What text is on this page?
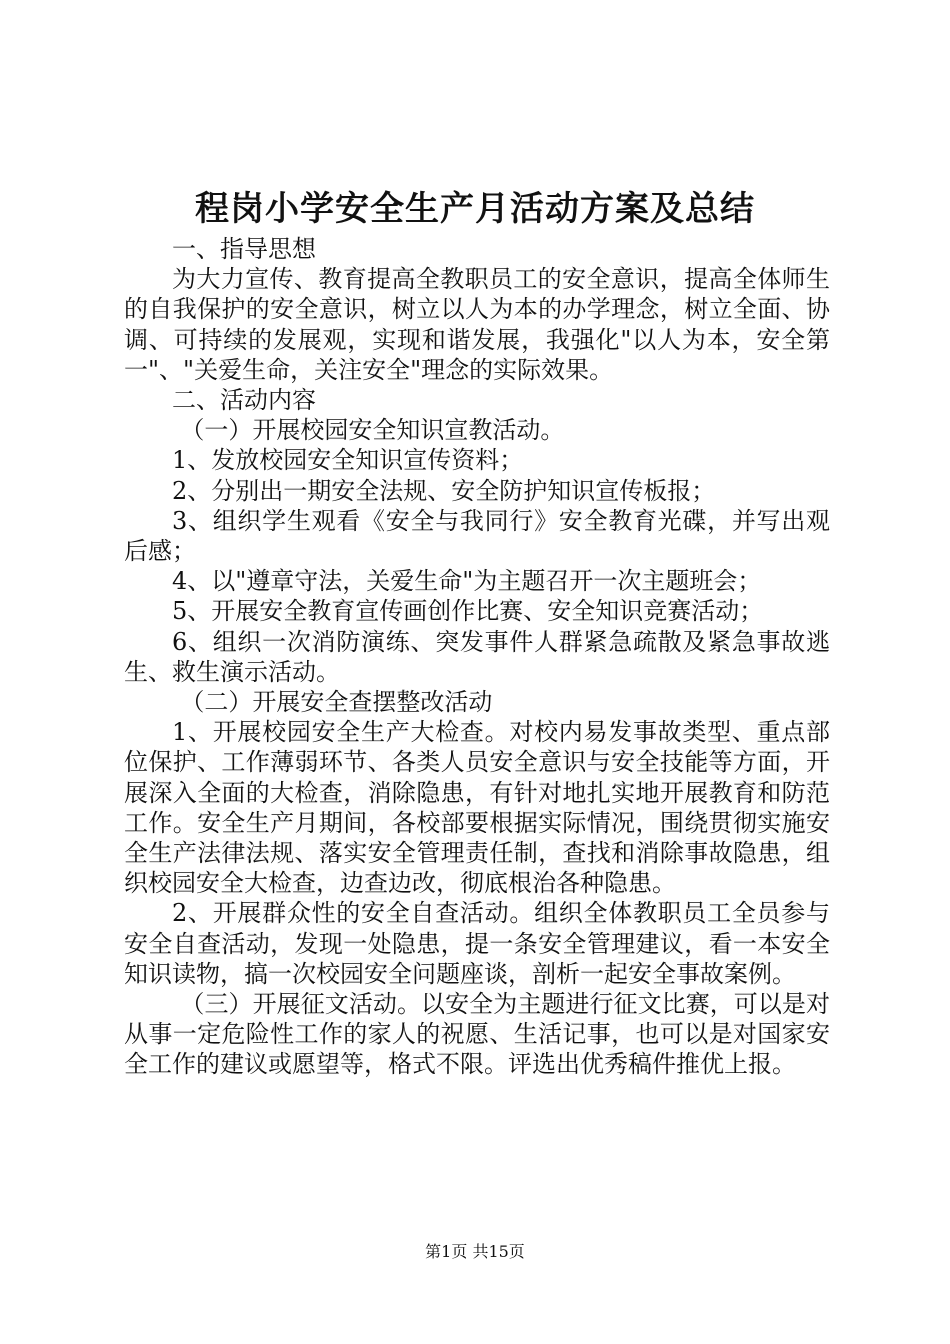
程岗小学安全生产月活动方案及总结

一、指导思想

为大力宣传、教育提高全教职员工的安全意识，提高全体师生的自我保护的安全意识，树立以人为本的办学理念，树立全面、协调、可持续的发展观，实现和谐发展，我强化"以人为本，安全第一"、"关爱生命，关注安全"理念的实际效果。

二、活动内容

（一）开展校园安全知识宣教活动。

1、发放校园安全知识宣传资料；

2、分别出一期安全法规、安全防护知识宣传板报；

3、组织学生观看《安全与我同行》安全教育光碟，并写出观后感；

4、以"遵章守法，关爱生命"为主题召开一次主题班会；

5、开展安全教育宣传画创作比赛、安全知识竞赛活动；

6、组织一次消防演练、突发事件人群紧急疏散及紧急事故逃生、救生演示活动。

（二）开展安全查摆整改活动

1、开展校园安全生产大检查。对校内易发事故类型、重点部位保护、工作薄弱环节、各类人员安全意识与安全技能等方面，开展深入全面的大检查，消除隐患，有针对地扎实地开展教育和防范工作。安全生产月期间，各校部要根据实际情况，围绕贯彻实施安全生产法律法规、落实安全管理责任制，查找和消除事故隐患，组织校园安全大检查，边查边改，彻底根治各种隐患。

2、开展群众性的安全自查活动。组织全体教职员工全员参与安全自查活动，发现一处隐患，提一条安全管理建议，看一本安全知识读物，搞一次校园安全问题座谈，剖析一起安全事故案例。

（三）开展征文活动。以安全为主题进行征文比赛，可以是对从事一定危险性工作的家人的祝愿、生活记事，也可以是对国家安全工作的建议或愿望等，格式不限。评选出优秀稿件推优上报。

第1页 共15页
